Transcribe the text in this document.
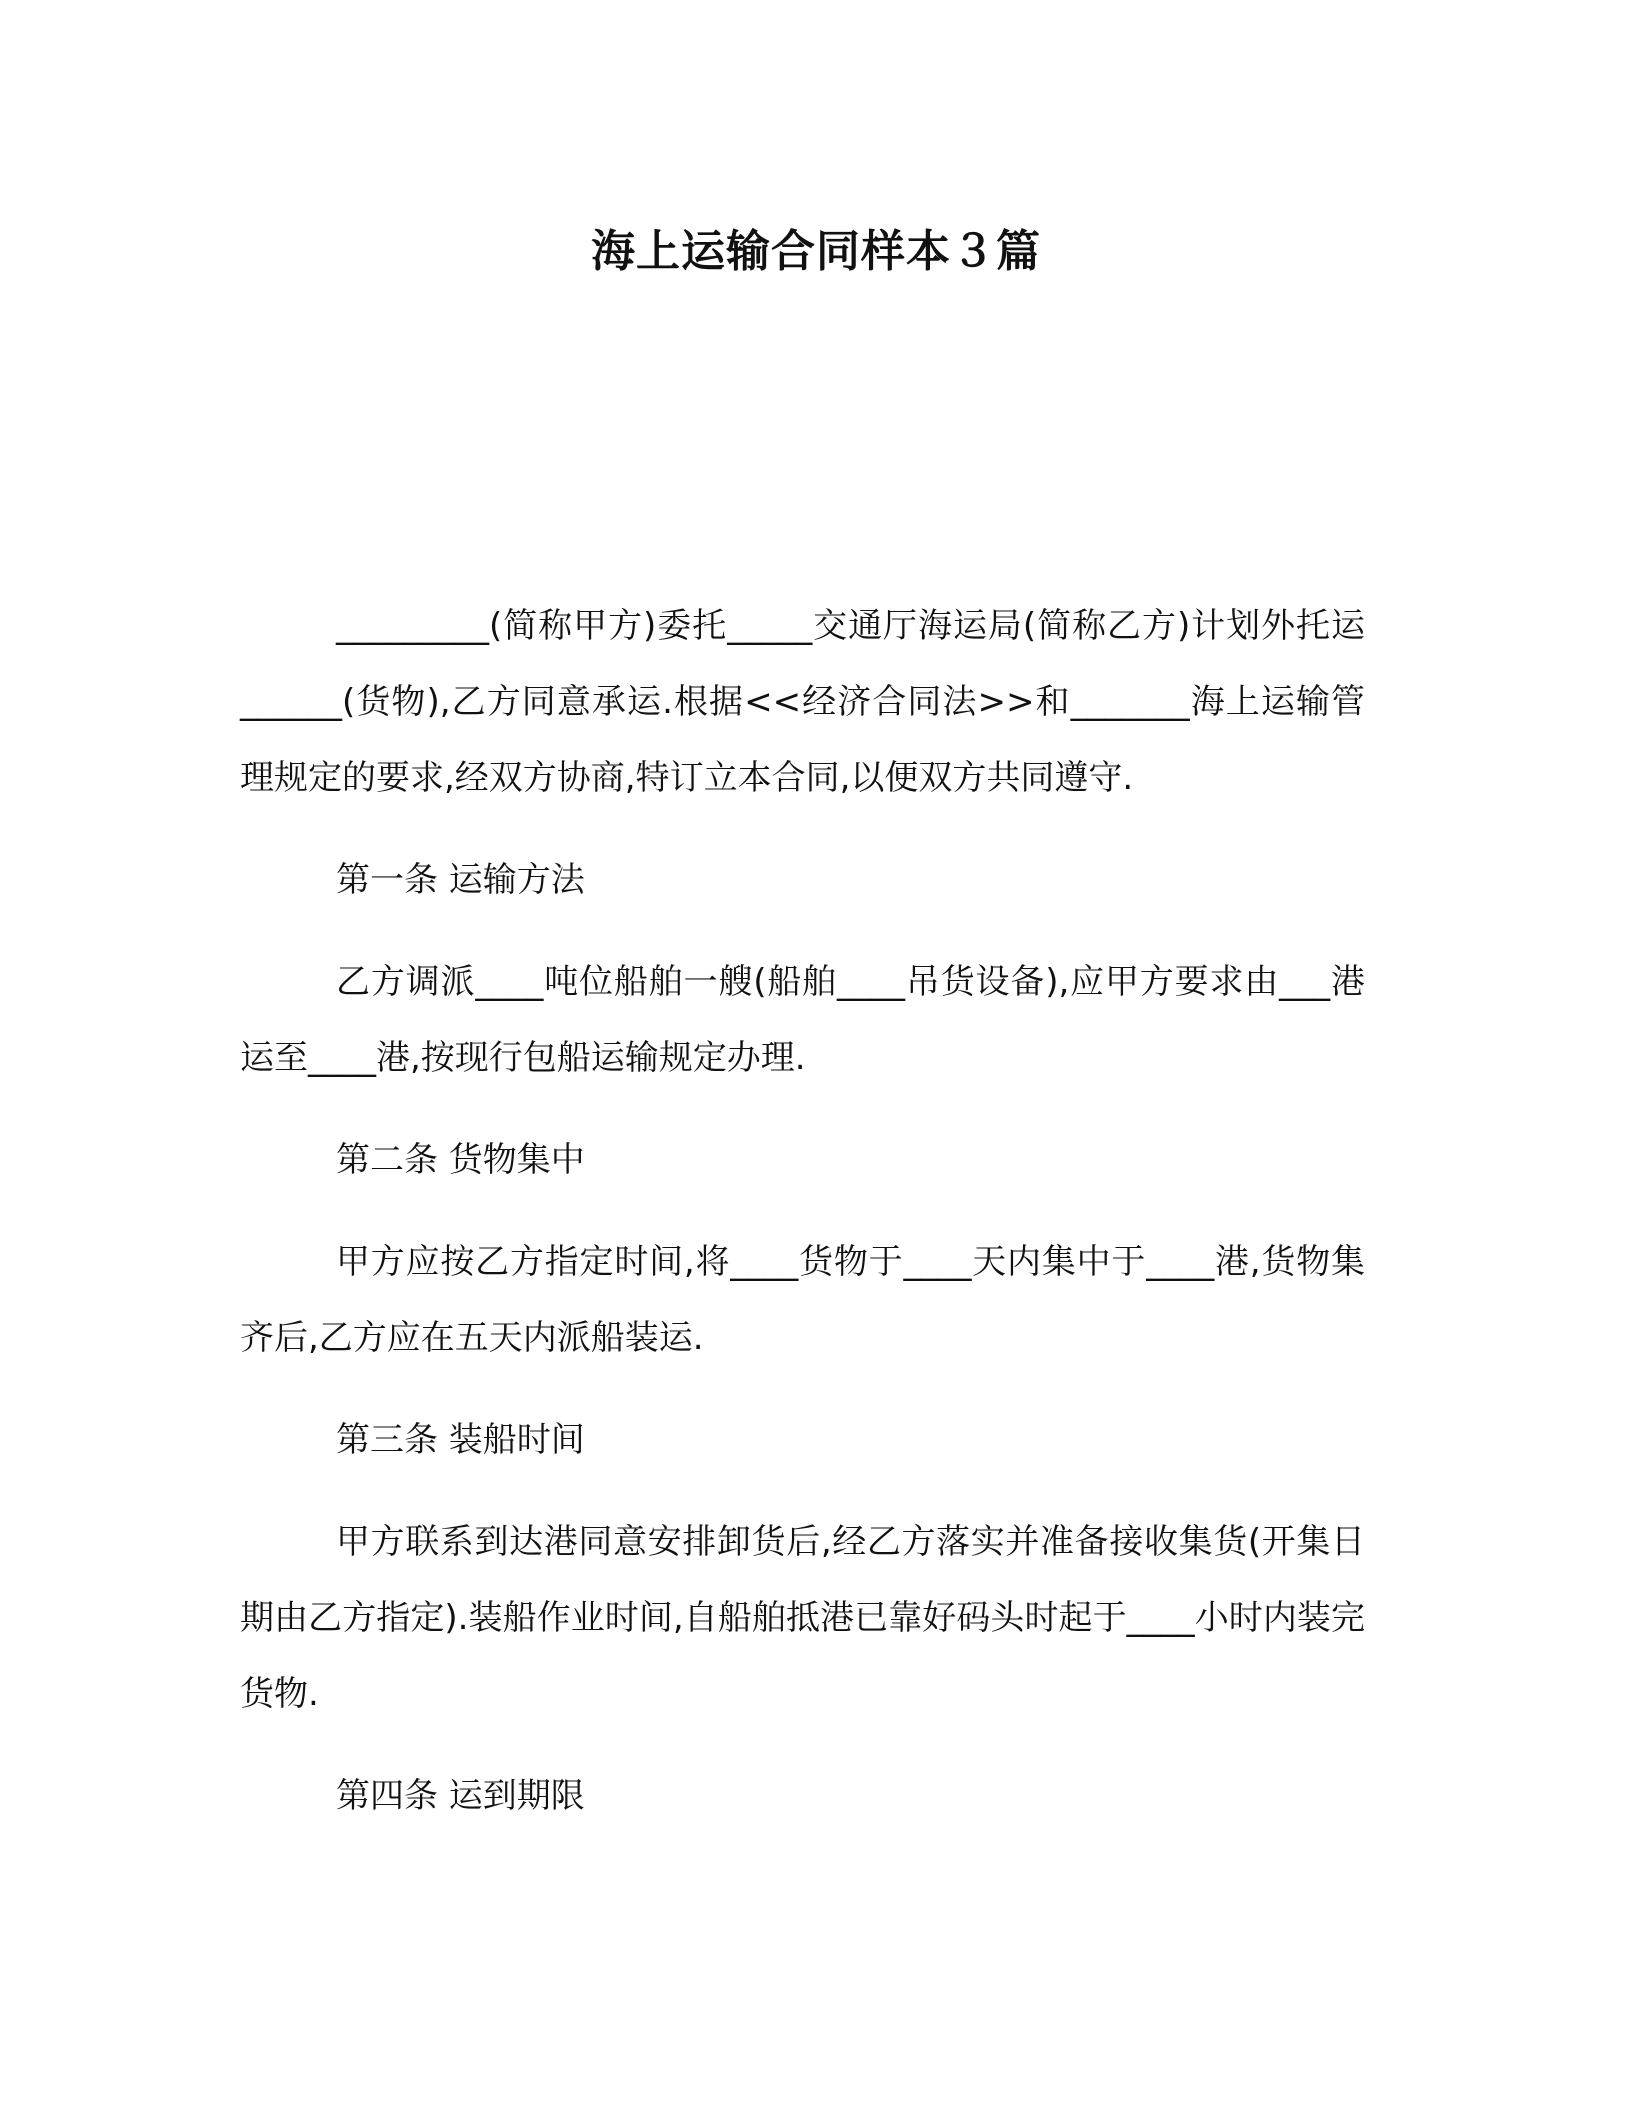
海上运输合同样本３篇

_________(简称甲方)委托_____交通厅海运局(简称乙方)计划外托运______(货物),乙方同意承运.根据<<经济合同法>>和_______海上运输管理规定的要求,经双方协商,特订立本合同,以便双方共同遵守.

第一条 运输方法

乙方调派____吨位船舶一艘(船舶____吊货设备),应甲方要求由___港运至____港,按现行包船运输规定办理.

第二条 货物集中

甲方应按乙方指定时间,将____货物于____天内集中于____港,货物集齐后,乙方应在五天内派船装运.

第三条 装船时间

甲方联系到达港同意安排卸货后,经乙方落实并准备接收集货(开集日期由乙方指定).装船作业时间,自船舶抵港已靠好码头时起于____小时内装完货物.

第四条 运到期限
